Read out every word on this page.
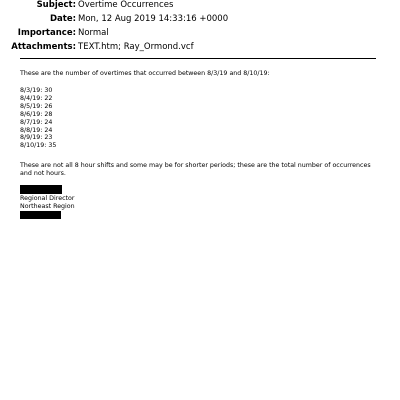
Subject: Overtime Occurrences
Date: Mon, 12 Aug 2019 14:33:16 +0000
Importance: Normal
Attachments: TEXT.htm; Ray_Ormond.vcf
These are the number of overtimes that occurred between 8/3/19 and 8/10/19:
8/3/19: 30
8/4/19: 22
8/5/19: 26
8/6/19: 28
8/7/19: 24
8/8/19: 24
8/9/19: 23
8/10/19: 35
These are not all 8 hour shifts and some may be for shorter periods; these are the total number of occurrences and not hours.
Regional Director
Northeast Region
